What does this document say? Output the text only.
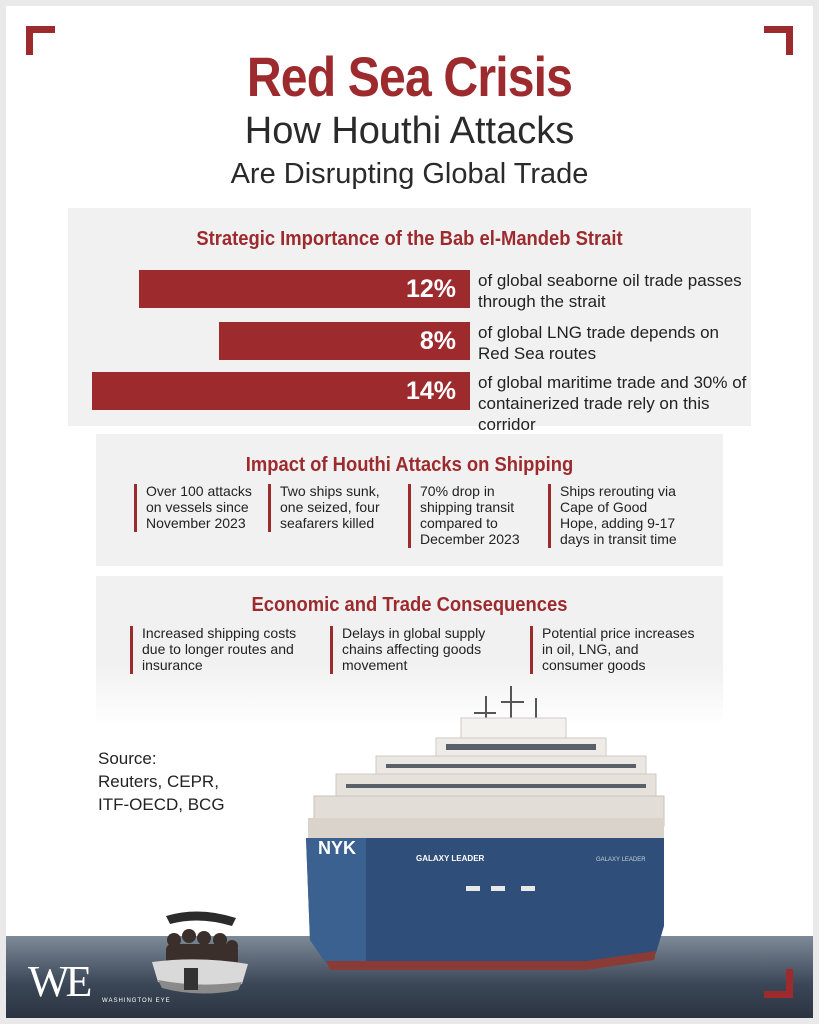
Red Sea Crisis
How Houthi Attacks
Are Disrupting Global Trade
Strategic Importance of the Bab el-Mandeb Strait
12% of global seaborne oil trade passes
through the strait
8% of global LNG trade depends on
Red Sea routes
14% of global maritime trade and 30% of
containerized trade rely on this corridor
Impact of Houthi Attacks on Shipping
Over 100 attacks
on vessels since
November 2023
Two ships sunk,
one seized, four
seafarers killed
70% drop in
shipping transit
compared to
December 2023
Ships rerouting via
Cape of Good
Hope, adding 9-17
days in transit time
Economic and Trade Consequences
Increased shipping costs
due to longer routes and
insurance
Delays in global supply
chains affecting goods
movement
Potential price increases
in oil, LNG, and
consumer goods
Source:
Reuters, CEPR,
ITF-OECD, BCG
NYK
GALAXY LEADER	GALAXY LEADER
WE WASHINGTON EYE
